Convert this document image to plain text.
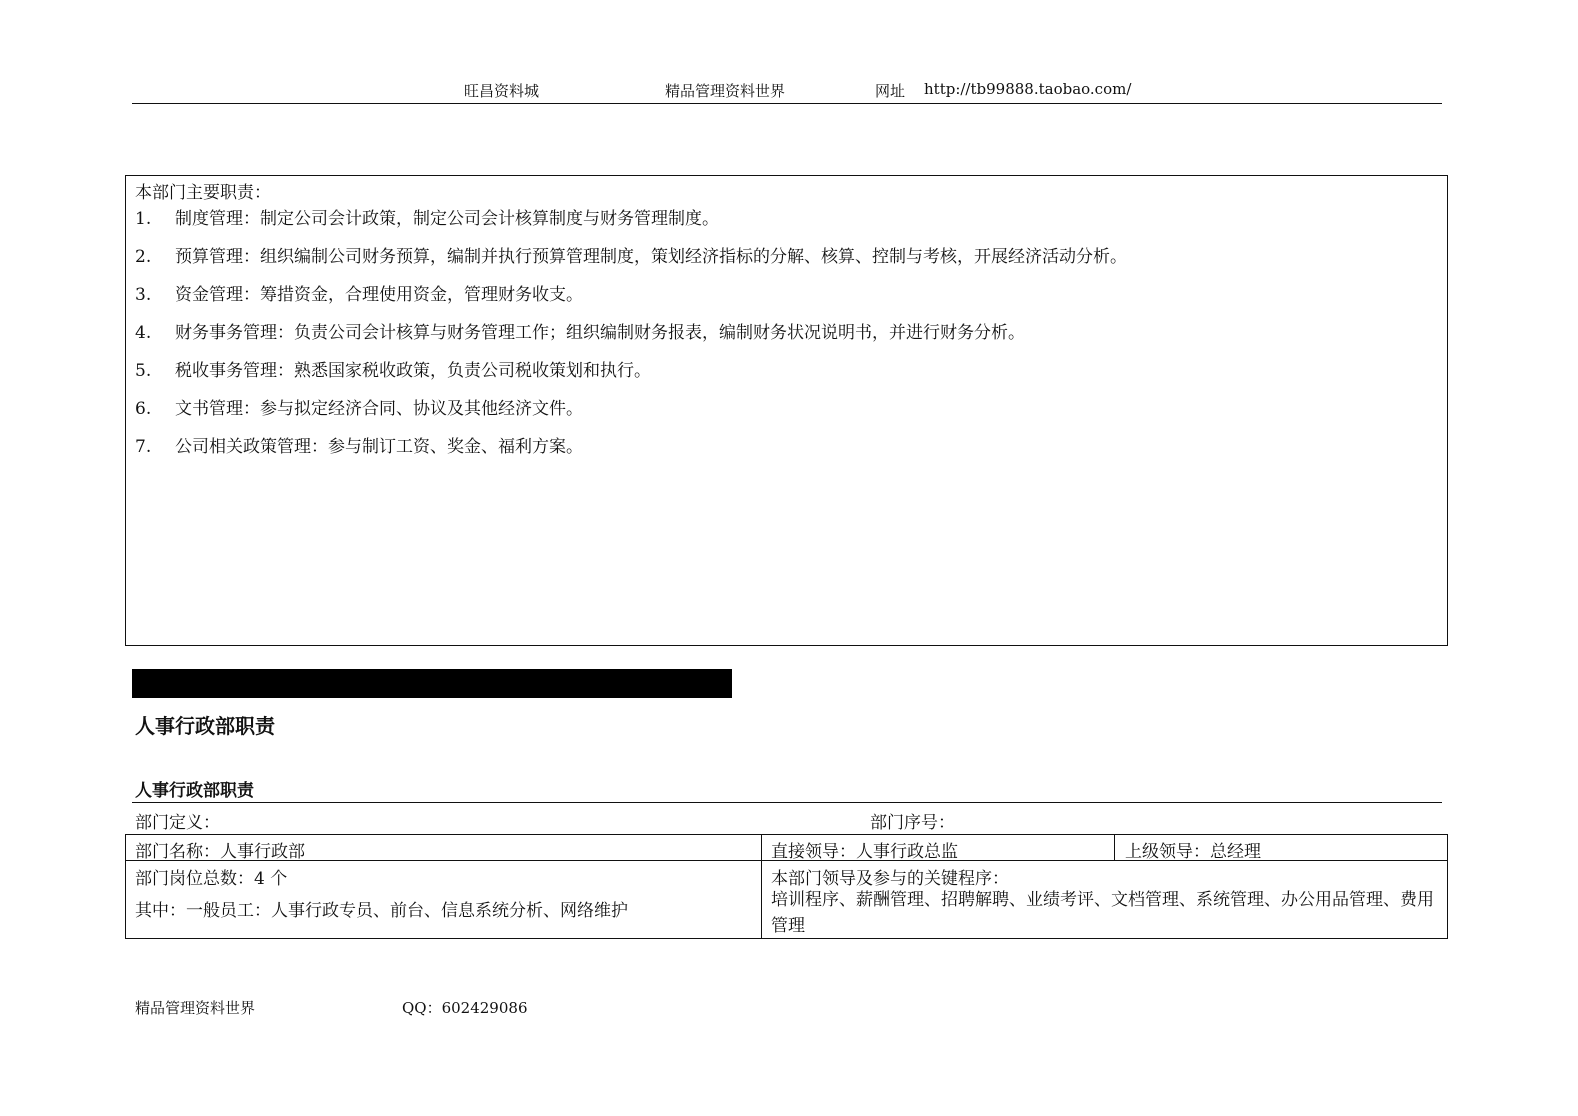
旺昌资料城	精品管理资料世界	网址 http://tb99888.taobao.com/
本部门主要职责：
1. 制度管理：制定公司会计政策，制定公司会计核算制度与财务管理制度。
2. 预算管理：组织编制公司财务预算，编制并执行预算管理制度，策划经济指标的分解、核算、控制与考核，开展经济活动分析。
3. 资金管理：筹措资金，合理使用资金，管理财务收支。
4. 财务事务管理：负责公司会计核算与财务管理工作；组织编制财务报表，编制财务状况说明书，并进行财务分析。
5. 税收事务管理：熟悉国家税收政策，负责公司税收策划和执行。
6. 文书管理：参与拟定经济合同、协议及其他经济文件。
7. 公司相关政策管理：参与制订工资、奖金、福利方案。
人事行政部职责
人事行政部职责
部门定义：	部门序号：
部门名称：人事行政部	直接领导：人事行政总监	上级领导：总经理
部门岗位总数：4 个
其中：一般员工：人事行政专员、前台、信息系统分析、网络维护
本部门领导及参与的关键程序：
培训程序、薪酬管理、招聘解聘、业绩考评、文档管理、系统管理、办公用品管理、费用管理
精品管理资料世界	QQ：602429086
